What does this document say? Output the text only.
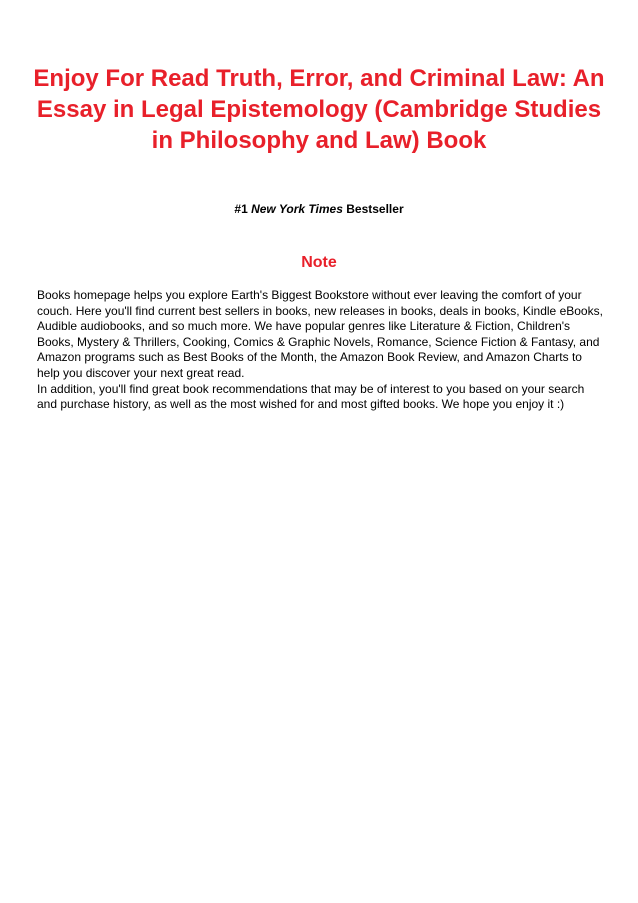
Enjoy For Read Truth, Error, and Criminal Law: An Essay in Legal Epistemology (Cambridge Studies in Philosophy and Law) Book
#1 New York Times Bestseller
Note

Books homepage helps you explore Earth's Biggest Bookstore without ever leaving the comfort of your couch. Here you'll find current best sellers in books, new releases in books, deals in books, Kindle eBooks, Audible audiobooks, and so much more. We have popular genres like Literature & Fiction, Children's Books, Mystery & Thrillers, Cooking, Comics & Graphic Novels, Romance, Science Fiction & Fantasy, and Amazon programs such as Best Books of the Month, the Amazon Book Review, and Amazon Charts to help you discover your next great read.

In addition, you'll find great book recommendations that may be of interest to you based on your search and purchase history, as well as the most wished for and most gifted books. We hope you enjoy it :)
